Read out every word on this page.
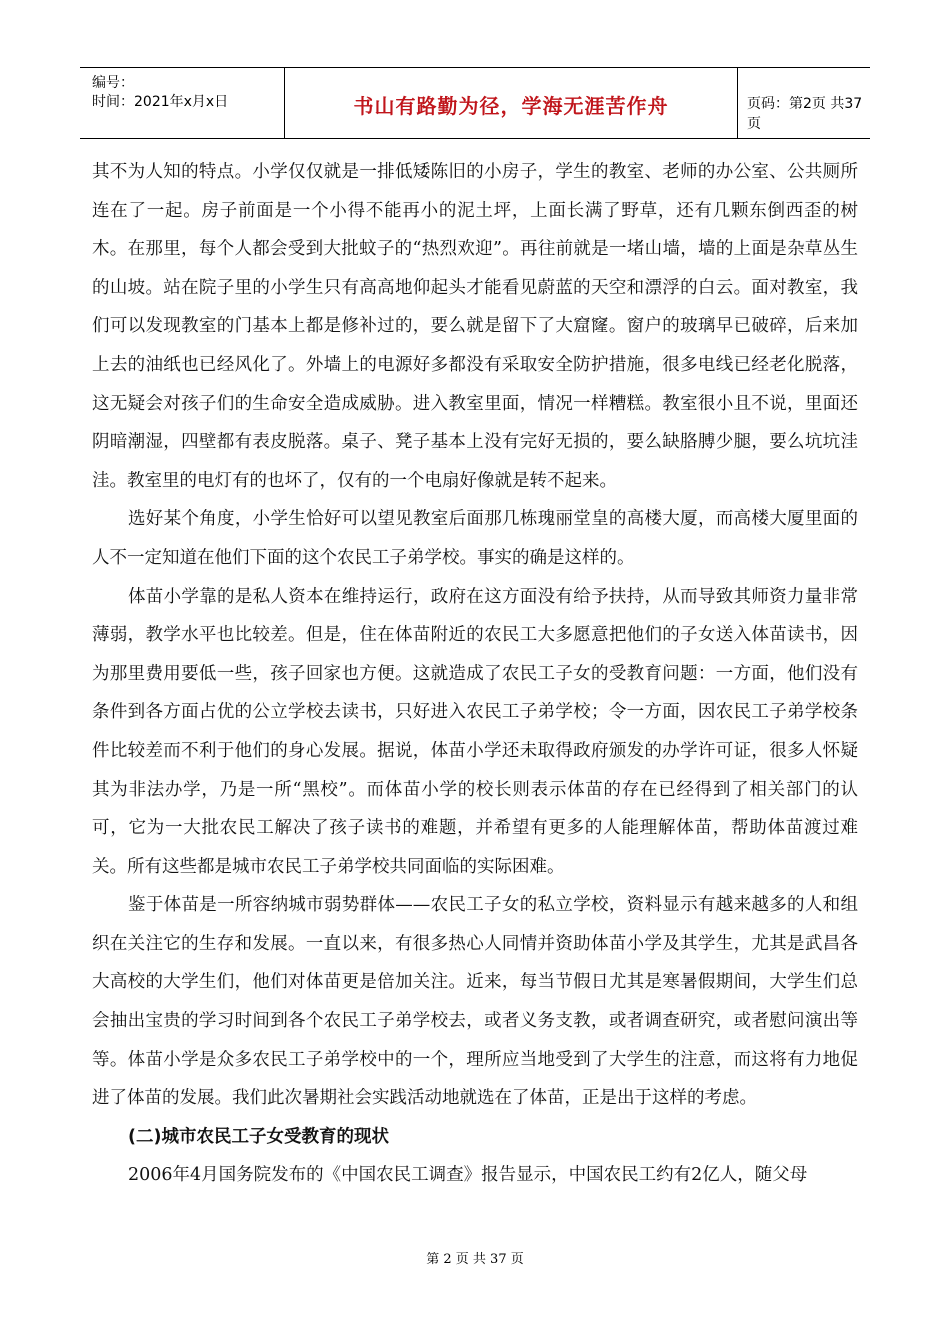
编号：
时间：2021年x月x日	书山有路勤为径，学海无涯苦作舟	页码：第2页 共37页

其不为人知的特点。小学仅仅就是一排低矮陈旧的小房子，学生的教室、老师的办公室、公共厕所连在了一起。房子前面是一个小得不能再小的泥土坪，上面长满了野草，还有几颗东倒西歪的树木。在那里，每个人都会受到大批蚊子的“热烈欢迎”。再往前就是一堵山墙，墙的上面是杂草丛生的山坡。站在院子里的小学生只有高高地仰起头才能看见蔚蓝的天空和漂浮的白云。面对教室，我们可以发现教室的门基本上都是修补过的，要么就是留下了大窟窿。窗户的玻璃早已破碎，后来加上去的油纸也已经风化了。外墙上的电源好多都没有采取安全防护措施，很多电线已经老化脱落，这无疑会对孩子们的生命安全造成威胁。进入教室里面，情况一样糟糕。教室很小且不说，里面还阴暗潮湿，四壁都有表皮脱落。桌子、凳子基本上没有完好无损的，要么缺胳膊少腿，要么坑坑洼洼。教室里的电灯有的也坏了，仅有的一个电扇好像就是转不起来。

选好某个角度，小学生恰好可以望见教室后面那几栋瑰丽堂皇的高楼大厦，而高楼大厦里面的人不一定知道在他们下面的这个农民工子弟学校。事实的确是这样的。

体苗小学靠的是私人资本在维持运行，政府在这方面没有给予扶持，从而导致其师资力量非常薄弱，教学水平也比较差。但是，住在体苗附近的农民工大多愿意把他们的子女送入体苗读书，因为那里费用要低一些，孩子回家也方便。这就造成了农民工子女的受教育问题：一方面，他们没有条件到各方面占优的公立学校去读书，只好进入农民工子弟学校；令一方面，因农民工子弟学校条件比较差而不利于他们的身心发展。据说，体苗小学还未取得政府颁发的办学许可证，很多人怀疑其为非法办学，乃是一所“黑校”。而体苗小学的校长则表示体苗的存在已经得到了相关部门的认可，它为一大批农民工解决了孩子读书的难题，并希望有更多的人能理解体苗，帮助体苗渡过难关。所有这些都是城市农民工子弟学校共同面临的实际困难。

鉴于体苗是一所容纳城市弱势群体——农民工子女的私立学校，资料显示有越来越多的人和组织在关注它的生存和发展。一直以来，有很多热心人同情并资助体苗小学及其学生，尤其是武昌各大高校的大学生们，他们对体苗更是倍加关注。近来，每当节假日尤其是寒暑假期间，大学生们总会抽出宝贵的学习时间到各个农民工子弟学校去，或者义务支教，或者调查研究，或者慰问演出等等。体苗小学是众多农民工子弟学校中的一个，理所应当地受到了大学生的注意，而这将有力地促进了体苗的发展。我们此次暑期社会实践活动地就选在了体苗，正是出于这样的考虑。

(二)城市农民工子女受教育的现状

2006年4月国务院发布的《中国农民工调查》报告显示，中国农民工约有2亿人，随父母

第 2 页 共 37 页
